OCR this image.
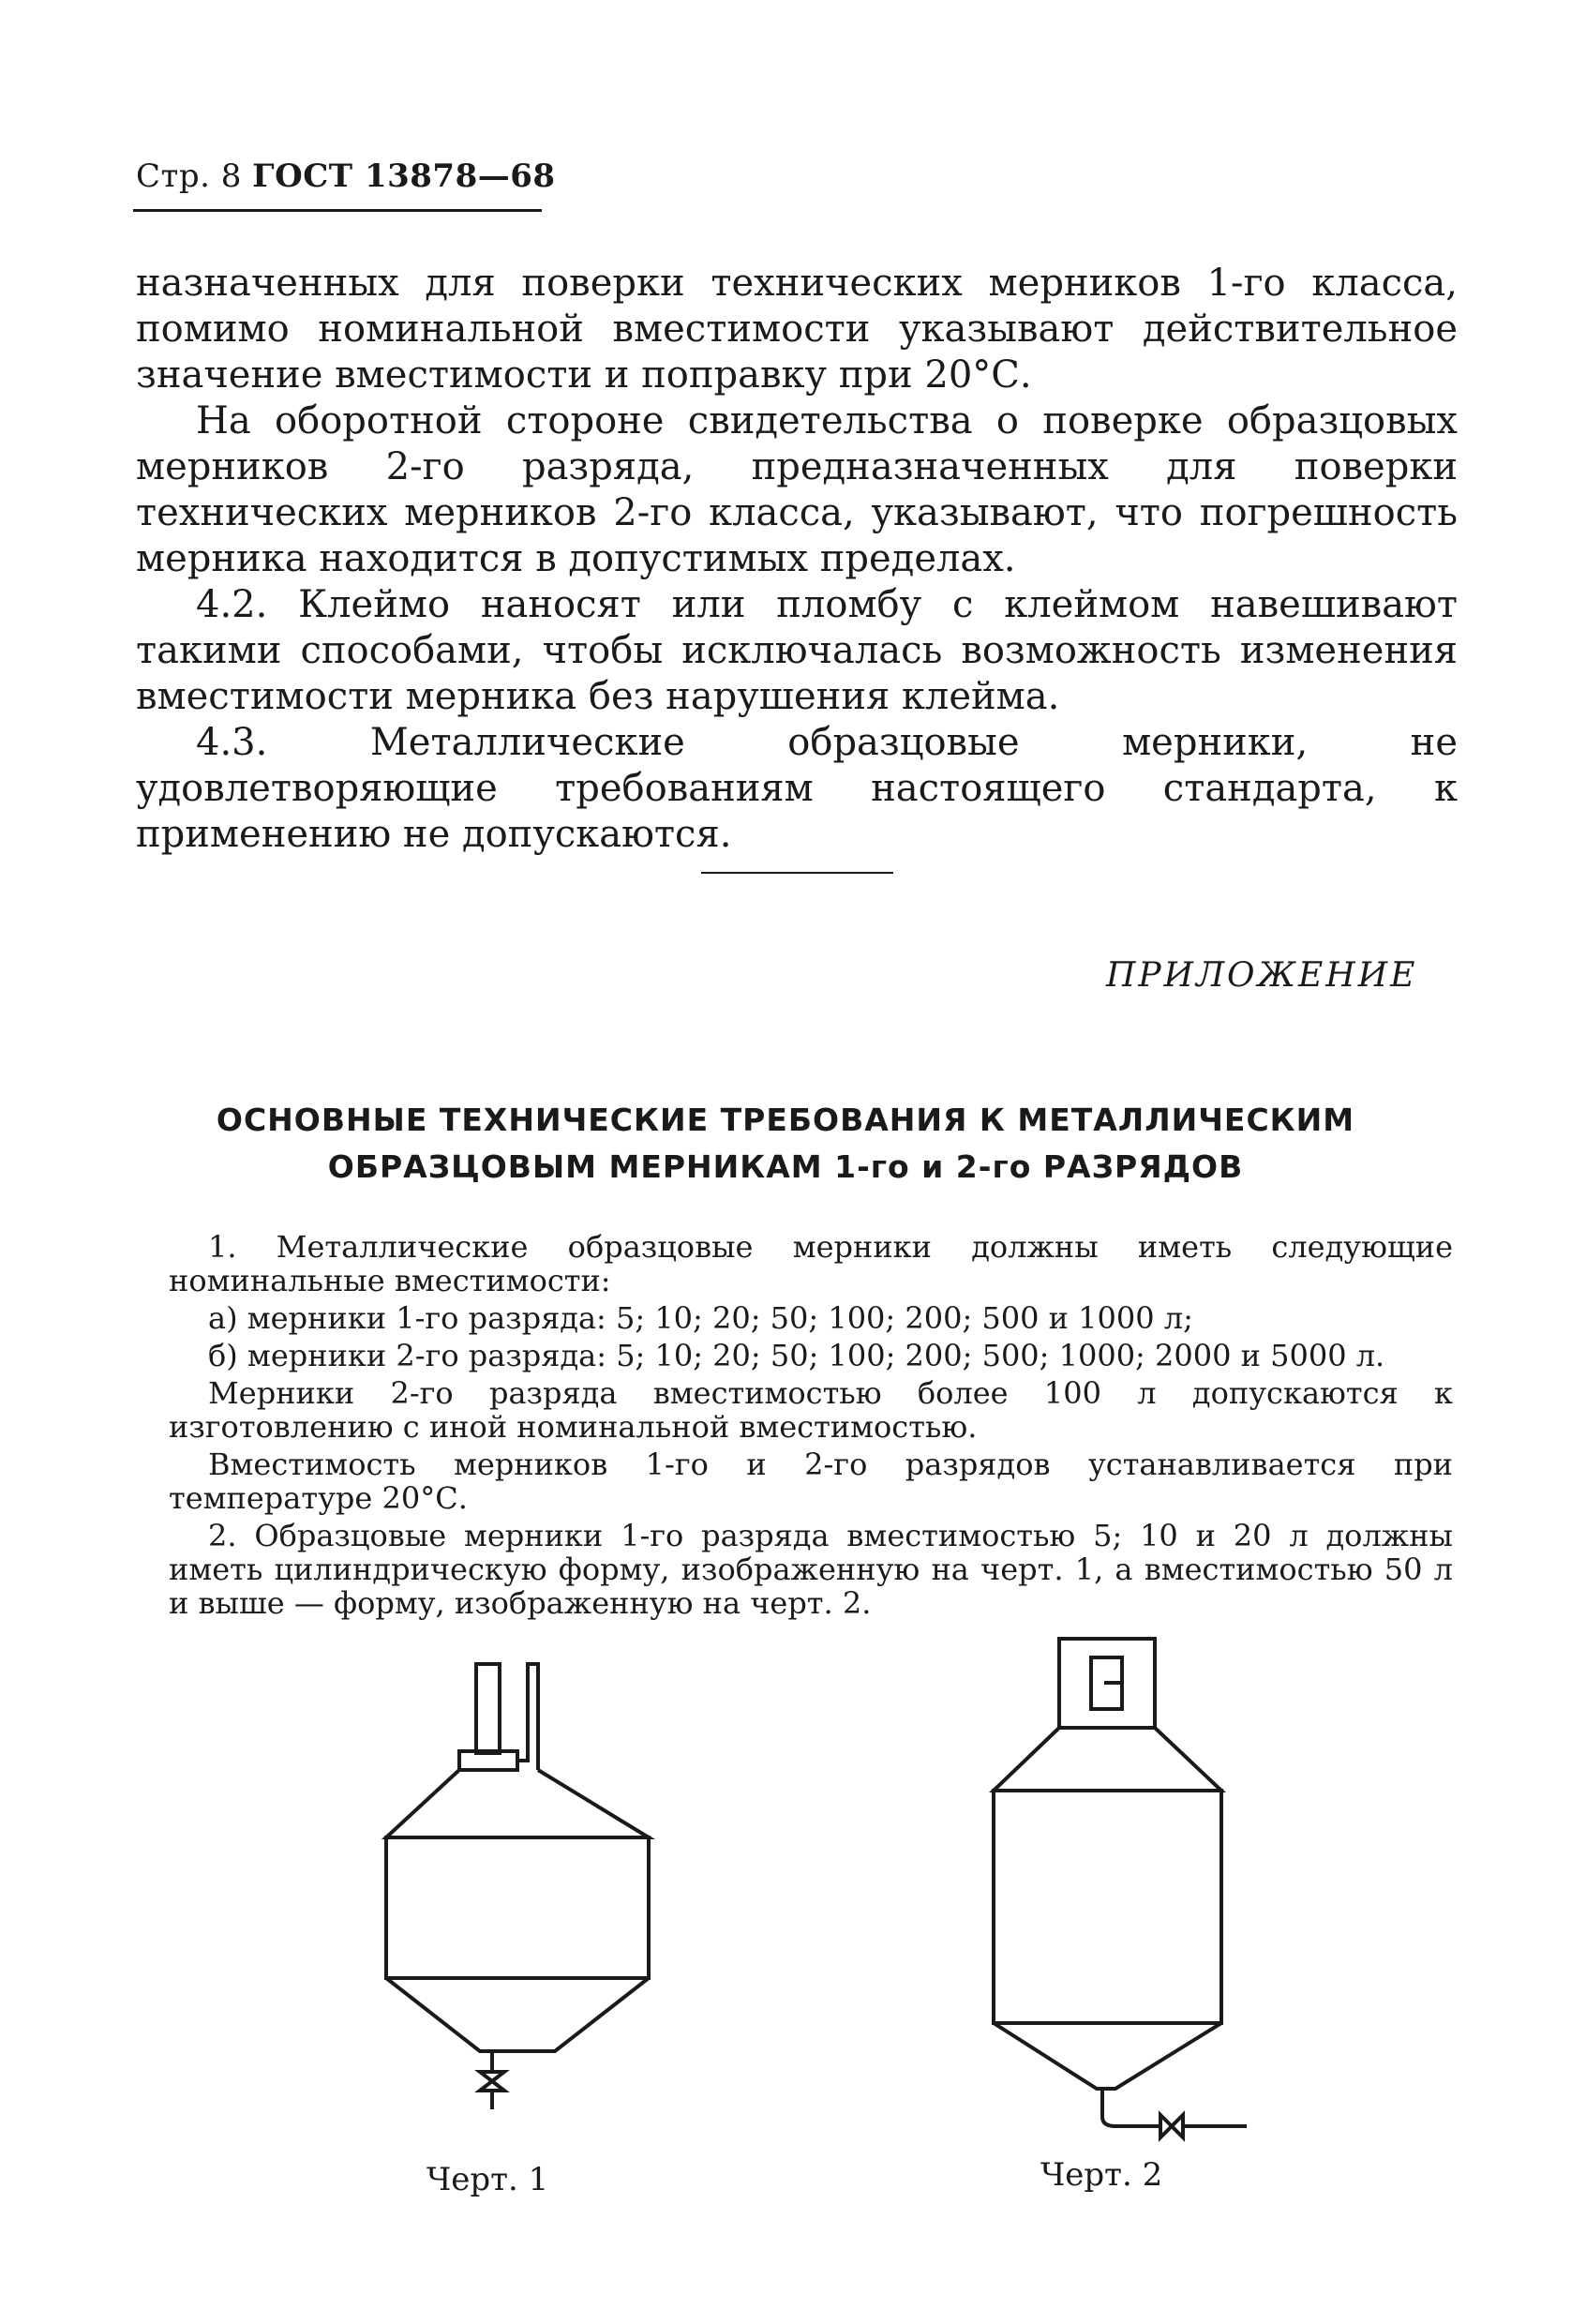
Стр. 8 ГОСТ 13878—68

назначенных для поверки технических мерников 1-го класса, помимо номинальной вместимости указывают действительное значение вместимости и поправку при 20°С.

На оборотной стороне свидетельства о поверке образцовых мерников 2-го разряда, предназначенных для поверки технических мерников 2-го класса, указывают, что погрешность мерника находится в допустимых пределах.

4.2. Клеймо наносят или пломбу с клеймом навешивают такими способами, чтобы исключалась возможность изменения вместимости мерника без нарушения клейма.

4.3. Металлические образцовые мерники, не удовлетворяющие требованиям настоящего стандарта, к применению не допускаются.

ПРИЛОЖЕНИЕ
ОСНОВНЫЕ ТЕХНИЧЕСКИЕ ТРЕБОВАНИЯ К МЕТАЛЛИЧЕСКИМ
ОБРАЗЦОВЫМ МЕРНИКАМ 1-го и 2-го РАЗРЯДОВ

1. Металлические образцовые мерники должны иметь следующие номинальные вместимости:

а) мерники 1-го разряда: 5; 10; 20; 50; 100; 200; 500 и 1000 л;

б) мерники 2-го разряда: 5; 10; 20; 50; 100; 200; 500; 1000; 2000 и 5000 л.

Мерники 2-го разряда вместимостью более 100 л допускаются к изготовлению с иной номинальной вместимостью.

Вместимость мерников 1-го и 2-го разрядов устанавливается при температуре 20°С.

2. Образцовые мерники 1-го разряда вместимостью 5; 10 и 20 л должны иметь цилиндрическую форму, изображенную на черт. 1, а вместимостью 50 л и выше — форму, изображенную на черт. 2.

Черт. 1	Черт. 2
